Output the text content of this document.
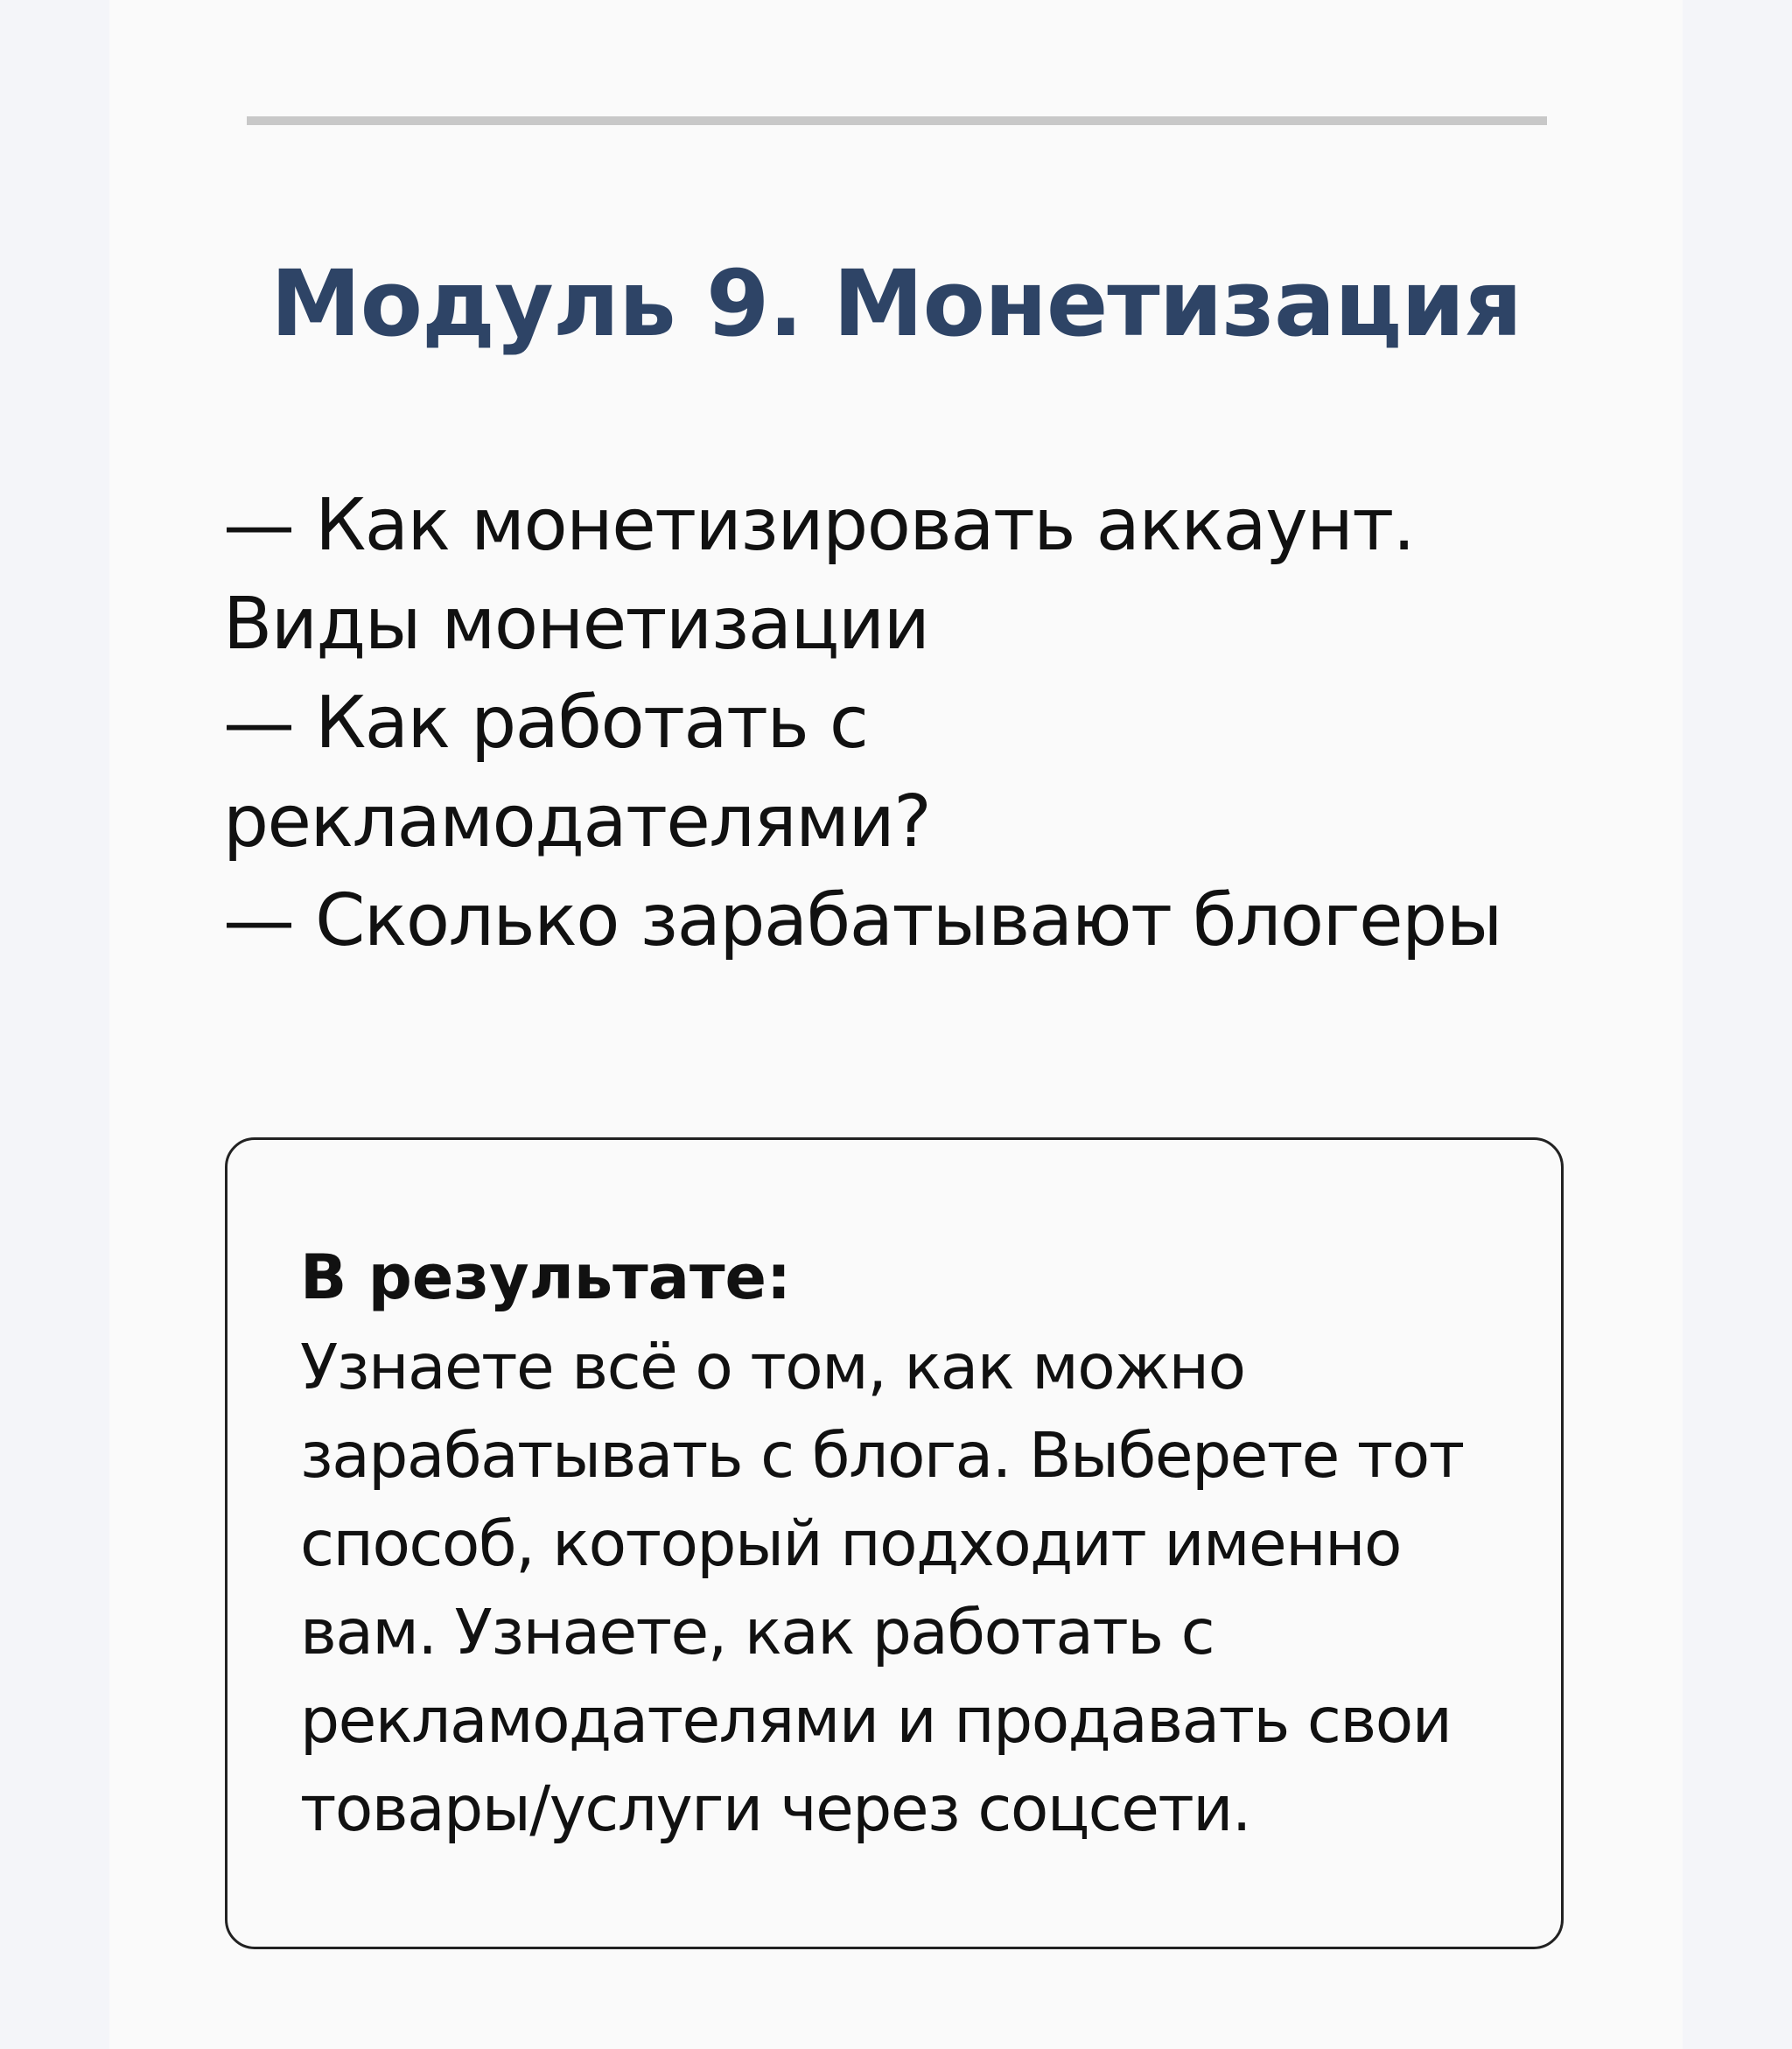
Модуль 9. Монетизация
— Как монетизировать аккаунт.
Виды монетизации
— Как работать с
рекламодателями?
— Сколько зарабатывают блогеры
В результате:

Узнаете всё о том, как можно
зарабатывать с блога. Выберете тот
способ, который подходит именно
вам. Узнаете, как работать с
рекламодателями и продавать свои
товары/услуги через соцсети.
